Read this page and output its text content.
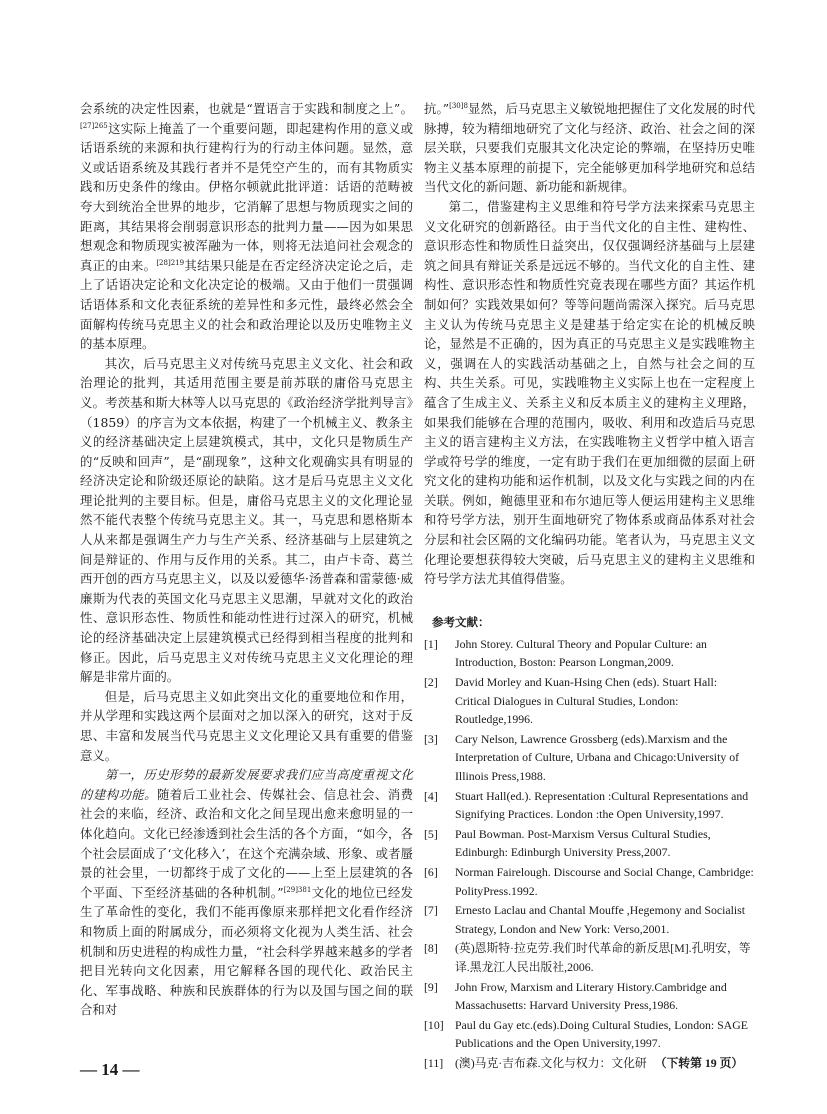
会系统的决定性因素，也就是“置语言于实践和制度之上”。$^{[27]265}$这实际上掩盖了一个重要问题，即起建构作用的意义或话语系统的来源和执行建构行为的行动主体问题。显然，意义或话语系统及其践行者并不是凭空产生的，而有其物质实践和历史条件的缘由。伊格尔顿就此批评道：话语的范畴被夸大到统治全世界的地步，它消解了思想与物质现实之间的距离，其结果将会削弱意识形态的批判力量——因为如果思想观念和物质现实被浑融为一体，则将无法追问社会观念的真正的由来。$^{[28]219}$其结果只能是在否定经济决定论之后，走上了话语决定论和文化决定论的极端。又由于他们一贯强调话语体系和文化表征系统的差异性和多元性，最终必然会全面解构传统马克思主义的社会和政治理论以及历史唯物主义的基本原理。

其次，后马克思主义对传统马克思主义文化、社会和政治理论的批判，其适用范围主要是前苏联的庸俗马克思主义。考茨基和斯大林等人以马克思的《政治经济学批判导言》（1859）的序言为文本依据，构建了一个机械主义、教条主义的经济基础决定上层建筑模式，其中，文化只是物质生产的“反映和回声”，是“副现象”，这种文化观确实具有明显的经济决定论和阶级还原论的缺陷。这才是后马克思主义文化理论批判的主要目标。但是，庸俗马克思主义的文化理论显然不能代表整个传统马克思主义。其一，马克思和恩格斯本人从来都是强调生产力与生产关系、经济基础与上层建筑之间是辩证的、作用与反作用的关系。其二，由卢卡奇、葛兰西开创的西方马克思主义，以及以爱德华·汤普森和雷蒙德·威廉斯为代表的英国文化马克思主义思潮，早就对文化的政治性、意识形态性、物质性和能动性进行过深入的研究，机械论的经济基础决定上层建筑模式已经得到相当程度的批判和修正。因此，后马克思主义对传统马克思主义文化理论的理解是非常片面的。

但是，后马克思主义如此突出文化的重要地位和作用，并从学理和实践这两个层面对之加以深入的研究，这对于反思、丰富和发展当代马克思主义文化理论又具有重要的借鉴意义。

第一，历史形势的最新发展要求我们应当高度重视文化的建构功能。随着后工业社会、传媒社会、信息社会、消费社会的来临，经济、政治和文化之间呈现出愈来愈明显的一体化趋向。文化已经渗透到社会生活的各个方面，“如今，各个社会层面成了‘文化移入’，在这个充满杂域、形象、或者蜃景的社会里，一切都终于成了文化的——上至上层建筑的各个平面、下至经济基础的各种机制。”$^{[29]381}$文化的地位已经发生了革命性的变化，我们不能再像原来那样把文化看作经济和物质上面的附属成分，而必须将文化视为人类生活、社会机制和历史进程的构成性力量，“社会科学界越来越多的学者把目光转向文化因素，用它解释各国的现代化、政治民主化、军事战略、种族和民族群体的行为以及国与国之间的联合和对

抗。”$^{[30]8}$显然，后马克思主义敏锐地把握住了文化发展的时代脉搏，较为精细地研究了文化与经济、政治、社会之间的深层关联，只要我们克服其文化决定论的弊端，在坚持历史唯物主义基本原理的前提下，完全能够更加科学地研究和总结当代文化的新问题、新功能和新规律。

第二，借鉴建构主义思维和符号学方法来探索马克思主义文化研究的创新路径。由于当代文化的自主性、建构性、意识形态性和物质性日益突出，仅仅强调经济基础与上层建筑之间具有辩证关系是远远不够的。当代文化的自主性、建构性、意识形态性和物质性究竟表现在哪些方面？其运作机制如何？实践效果如何？等等问题尚需深入探究。后马克思主义认为传统马克思主义是建基于给定实在论的机械反映论，显然是不正确的，因为真正的马克思主义是实践唯物主义，强调在人的实践活动基础之上，自然与社会之间的互构、共生关系。可见，实践唯物主义实际上也在一定程度上蕴含了生成主义、关系主义和反本质主义的建构主义理路，如果我们能够在合理的范围内，吸收、利用和改造后马克思主义的语言建构主义方法，在实践唯物主义哲学中植入语言学或符号学的维度，一定有助于我们在更加细微的层面上研究文化的建构功能和运作机制，以及文化与实践之间的内在关联。例如，鲍德里亚和布尔迪厄等人便运用建构主义思维和符号学方法，别开生面地研究了物体系或商品体系对社会分层和社会区隔的文化编码功能。笔者认为，马克思主义文化理论要想获得较大突破，后马克思主义的建构主义思维和符号学方法尤其值得借鉴。

参考文献：

[1] John Storey. Cultural Theory and Popular Culture: an Introduction, Boston: Pearson Longman,2009.

[2] David Morley and Kuan-Hsing Chen (eds). Stuart Hall: Critical Dialogues in Cultural Studies, London: Routledge,1996.

[3] Cary Nelson, Lawrence Grossberg (eds).Marxism and the Interpretation of Culture, Urbana and Chicago:University of Illinois Press,1988.

[4] Stuart Hall(ed.). Representation :Cultural Representations and Signifying Practices. London :the Open University,1997.

[5] Paul Bowman. Post-Marxism Versus Cultural Studies, Edinburgh: Edinburgh University Press,2007.

[6] Norman Fairelough. Discourse and Social Change, Cambridge: PolityPress.1992.

[7] Ernesto Laclau and Chantal Mouffe ,Hegemony and Socialist Strategy, London and New York: Verso,2001.

[8] (英)恩斯特·拉克劳.我们时代革命的新反思[M].孔明安，等译.黑龙江人民出版社,2006.

[9] John Frow, Marxism and Literary History.Cambridge and Massachusetts: Harvard University Press,1986.

[10] Paul du Gay etc.(eds).Doing Cultural Studies, London: SAGE Publications and the Open University,1997.

[11] (澳)马克·吉布森.文化与权力：文化研 （下转第 19 页）

— 14 —
